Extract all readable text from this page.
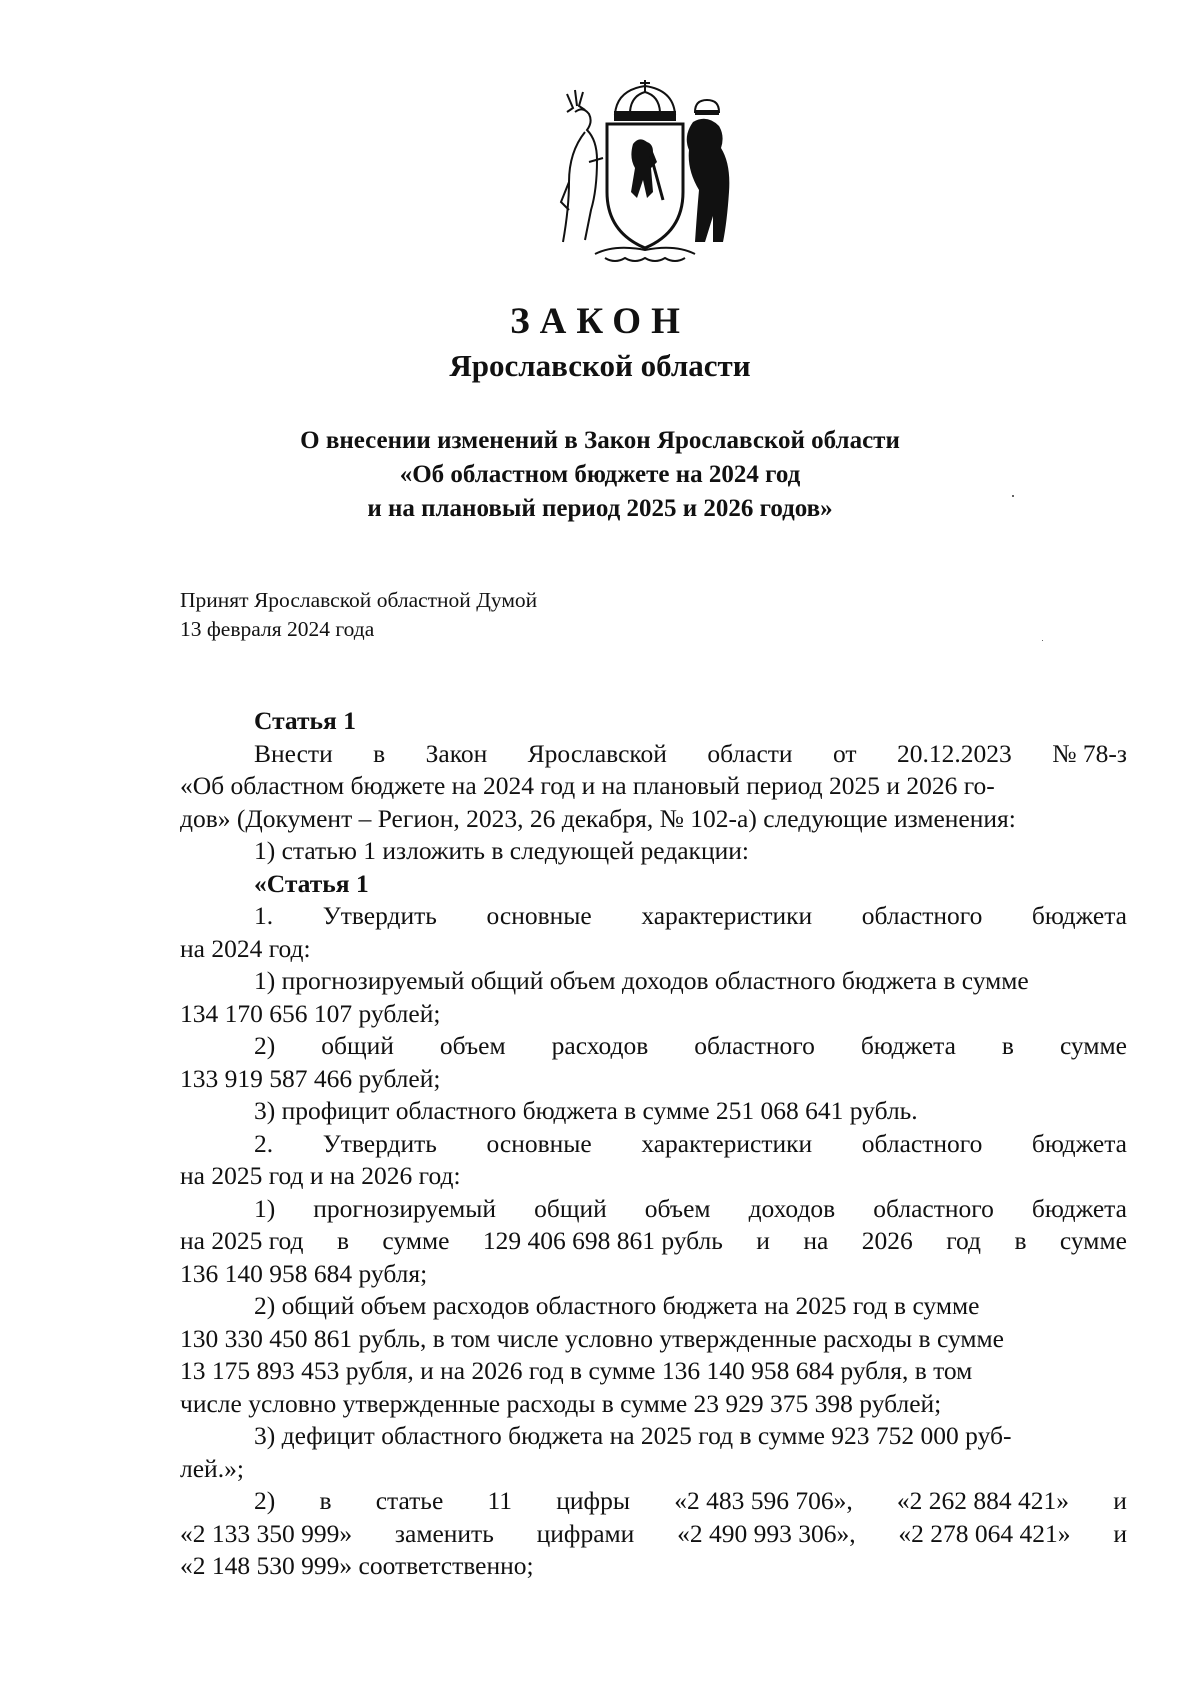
ЗАКОН
Ярославской области
О внесении изменений в Закон Ярославской области
«Об областном бюджете на 2024 год
и на плановый период 2025 и 2026 годов»
Принят Ярославской областной Думой
13 февраля 2024 года
Статья 1
Внести в Закон Ярославской области от 20.12.2023 № 78-з
«Об областном бюджете на 2024 год и на плановый период 2025 и 2026 го-
дов» (Документ – Регион, 2023, 26 декабря, № 102-а) следующие изменения:
1) статью 1 изложить в следующей редакции:
«Статья 1
1. Утвердить основные характеристики областного бюджета
на 2024 год:
1) прогнозируемый общий объем доходов областного бюджета в сумме
134 170 656 107 рублей;
2) общий объем расходов областного бюджета в сумме
133 919 587 466 рублей;
3) профицит областного бюджета в сумме 251 068 641 рубль.
2. Утвердить основные характеристики областного бюджета
на 2025 год и на 2026 год:
1) прогнозируемый общий объем доходов областного бюджета
на 2025 год в сумме 129 406 698 861 рубль и на 2026 год в сумме
136 140 958 684 рубля;
2) общий объем расходов областного бюджета на 2025 год в сумме
130 330 450 861 рубль, в том числе условно утвержденные расходы в сумме
13 175 893 453 рубля, и на 2026 год в сумме 136 140 958 684 рубля, в том
числе условно утвержденные расходы в сумме 23 929 375 398 рублей;
3) дефицит областного бюджета на 2025 год в сумме 923 752 000 руб-
лей.»;
2) в статье 11 цифры «2 483 596 706», «2 262 884 421» и
«2 133 350 999» заменить цифрами «2 490 993 306», «2 278 064 421» и
«2 148 530 999» соответственно;
